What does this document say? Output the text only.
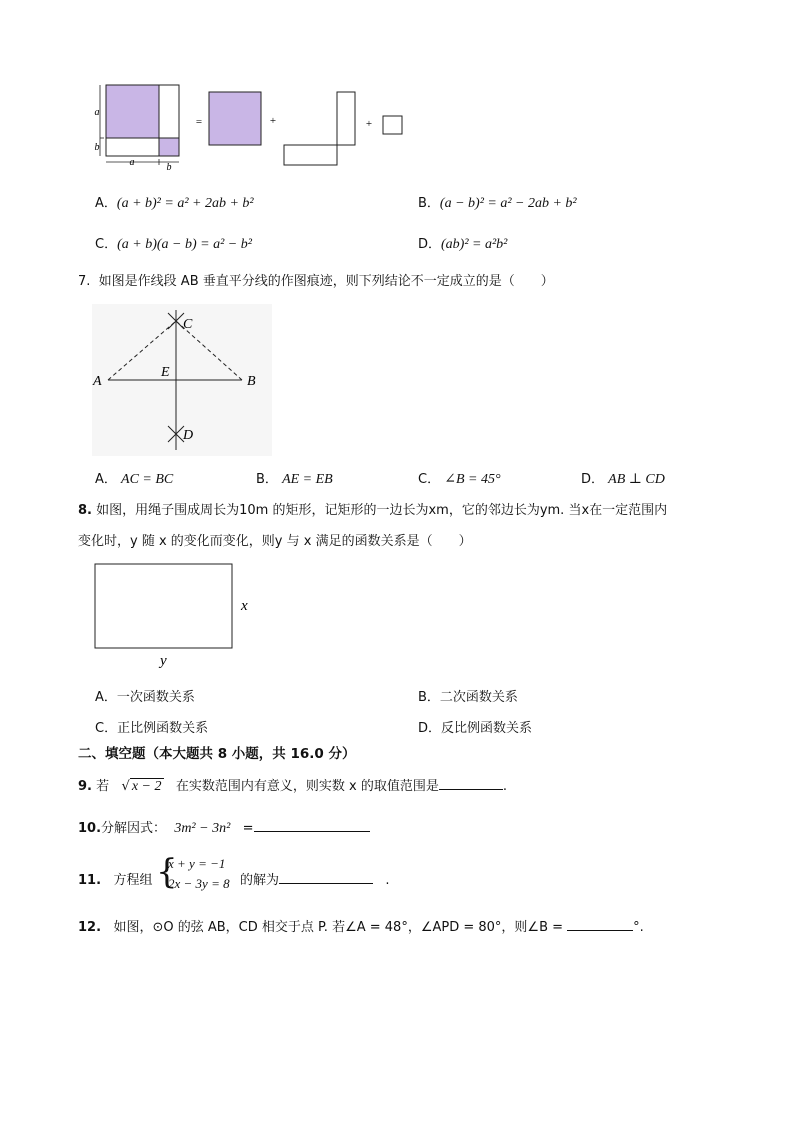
a
b
a	b
=	+	+
A．(a + b)² = a² + 2ab + b²	B．(a − b)² = a² − 2ab + b²
C．(a + b)(a − b) = a² − b²	D．(ab)² = a²b²
7. 如图是作线段 AB 垂直平分线的作图痕迹，则下列结论不一定成立的是（　　）
C
D
A	B
E
A． AC = BC	B． AE = EB	C． ∠B = 45°	D． AB ⊥ CD
8. 如图，用绳子围成周长为10m 的矩形，记矩形的一边长为xm，它的邻边长为ym. 当x在一定范围内
变化时，y 随 x 的变化而变化，则y 与 x 满足的函数关系是（　　）
x
y
A．一次函数关系	B．二次函数关系
C．正比例函数关系	D．反比例函数关系
二、填空题（本大题共 8 小题，共 16.0 分）
9. 若 √ x − 2 在实数范围内有意义，则实数 x 的取值范围是	.
10.分解因式： 3m² − 3n² =
11. 方程组 {
x + y = −1
2x − 3y = 8 的解为	.
12. 如图，⊙O 的弦 AB，CD 相交于点 P. 若∠A = 48°，∠APD = 80°，则∠B =	°.
